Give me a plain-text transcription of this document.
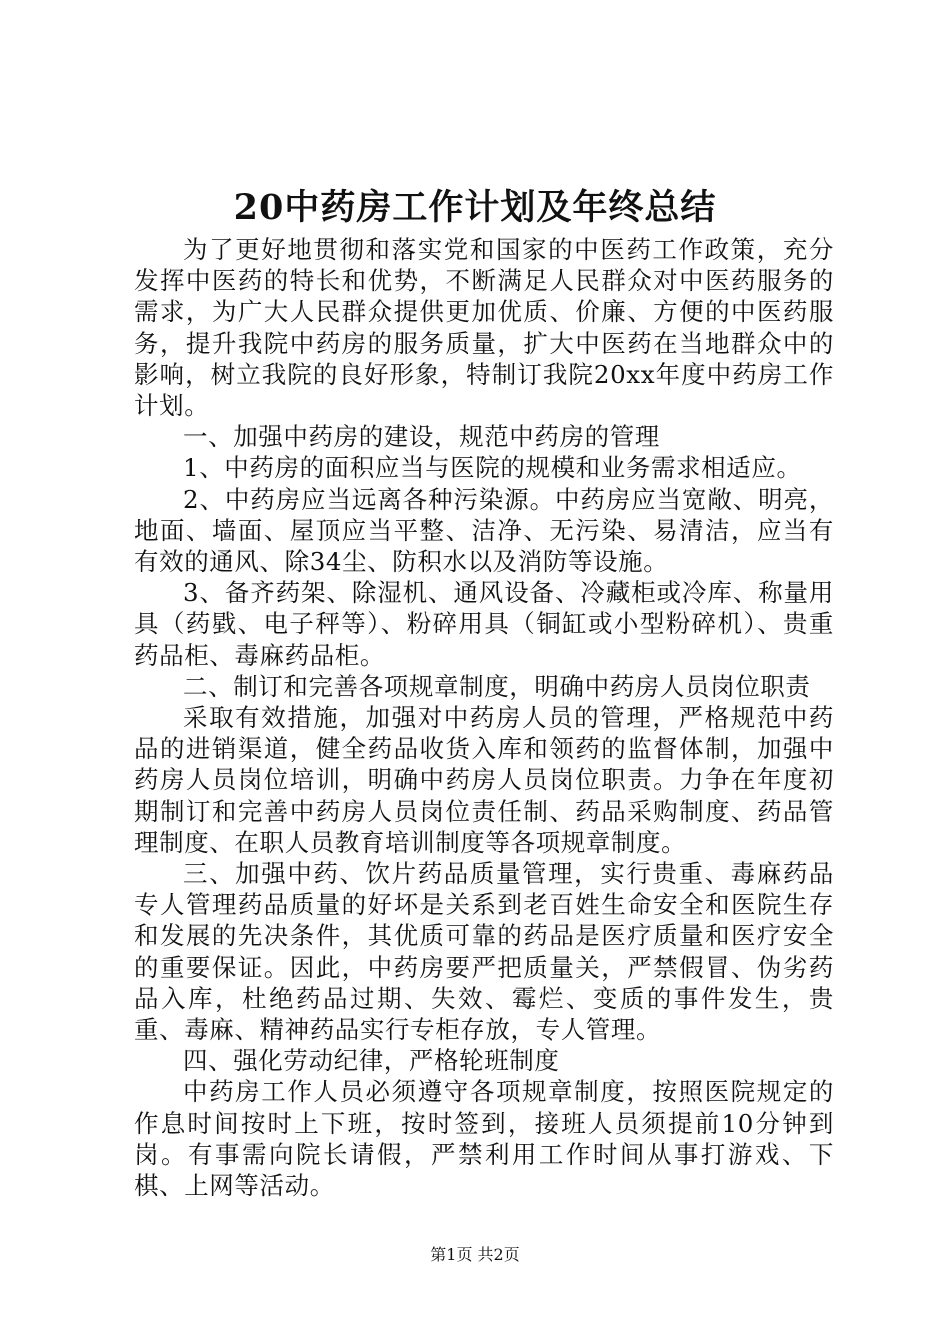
20中药房工作计划及年终总结

为了更好地贯彻和落实党和国家的中医药工作政策，充分发挥中医药的特长和优势，不断满足人民群众对中医药服务的需求，为广大人民群众提供更加优质、价廉、方便的中医药服务，提升我院中药房的服务质量，扩大中医药在当地群众中的影响，树立我院的良好形象，特制订我院20xx年度中药房工作计划。

一、加强中药房的建设，规范中药房的管理

1、中药房的面积应当与医院的规模和业务需求相适应。

2、中药房应当远离各种污染源。中药房应当宽敞、明亮，地面、墙面、屋顶应当平整、洁净、无污染、易清洁，应当有有效的通风、除34尘、防积水以及消防等设施。

3、备齐药架、除湿机、通风设备、冷藏柜或冷库、称量用具（药戥、电子秤等）、粉碎用具（铜缸或小型粉碎机）、贵重药品柜、毒麻药品柜。

二、制订和完善各项规章制度，明确中药房人员岗位职责

采取有效措施，加强对中药房人员的管理，严格规范中药品的进销渠道，健全药品收货入库和领药的监督体制，加强中药房人员岗位培训，明确中药房人员岗位职责。力争在年度初期制订和完善中药房人员岗位责任制、药品采购制度、药品管理制度、在职人员教育培训制度等各项规章制度。

三、加强中药、饮片药品质量管理，实行贵重、毒麻药品专人管理药品质量的好坏是关系到老百姓生命安全和医院生存和发展的先决条件，其优质可靠的药品是医疗质量和医疗安全的重要保证。因此，中药房要严把质量关，严禁假冒、伪劣药品入库，杜绝药品过期、失效、霉烂、变质的事件发生，贵重、毒麻、精神药品实行专柜存放，专人管理。

四、强化劳动纪律，严格轮班制度

中药房工作人员必须遵守各项规章制度，按照医院规定的作息时间按时上下班，按时签到，接班人员须提前10分钟到岗。有事需向院长请假，严禁利用工作时间从事打游戏、下棋、上网等活动。

第1页 共2页
